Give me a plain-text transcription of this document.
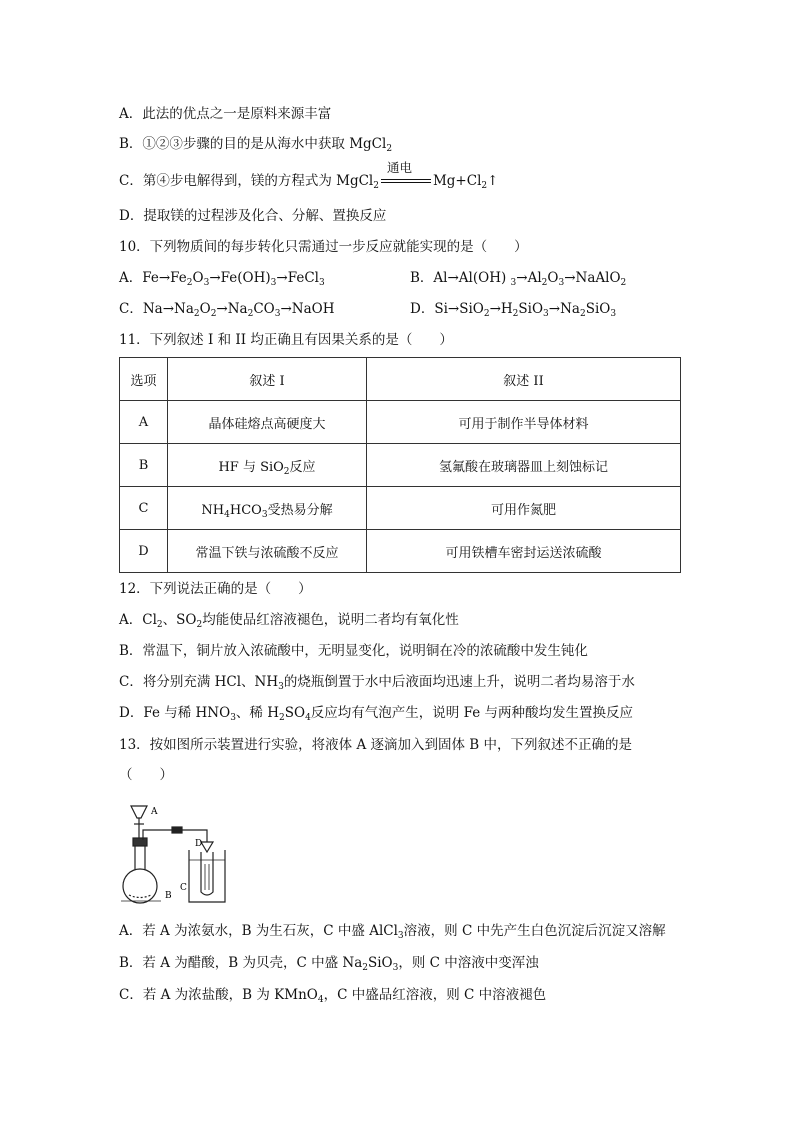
A．此法的优点之一是原料来源丰富
B．①②③步骤的目的是从海水中获取 MgCl$_2$
C．第④步电解得到，镁的方程式为 MgCl$_2$
通电
$Mg+Cl_2↑$
D．提取镁的过程涉及化合、分解、置换反应
10．下列物质间的每步转化只需通过一步反应就能实现的是（　　）
A．$Fe\to Fe_2O_3\to Fe(OH)_3\to FeCl_3$	B．Al→Al(OH) $_3\to Al_2O_3\to NaAlO_2$
C．$Na\to Na_2O_2\to Na_2CO_3\to NaOH$	D．$Si\to SiO_2\to H_2SiO_3\to Na_2SiO_3$
11．下列叙述 I 和 II 均正确且有因果关系的是（　　）
选项	叙述 I	叙述 II
A	晶体硅熔点高硬度大	可用于制作半导体材料
B	HF 与 SiO$_2$反应	氢氟酸在玻璃器皿上刻蚀标记
C	$NH_4HCO_3$受热易分解	可用作氮肥
D	常温下铁与浓硫酸不反应	可用铁槽车密封运送浓硫酸
12．下列说法正确的是（　　）
A．$Cl_2$、$SO_2$均能使品红溶液褪色，说明二者均有氧化性
B．常温下，铜片放入浓硫酸中，无明显变化，说明铜在冷的浓硫酸中发生钝化
C．将分别充满 HCl、$NH_3$的烧瓶倒置于水中后液面均迅速上升，说明二者均易溶于水
D．Fe 与稀 $HNO_3$、稀 $H_2SO_4$反应均有气泡产生，说明 Fe 与两种酸均发生置换反应
13．按如图所示装置进行实验，将液体 A 逐滴加入到固体 B 中，下列叙述不正确的是
（　　）
A
B
C
D
A．若 A 为浓氨水，B 为生石灰，C 中盛 AlCl$_3$溶液，则 C 中先产生白色沉淀后沉淀又溶解
B．若 A 为醋酸，B 为贝壳，C 中盛 $Na_2SiO_3$，则 C 中溶液中变浑浊
C．若 A 为浓盐酸，B 为 KMnO$_4$，C 中盛品红溶液，则 C 中溶液褪色
